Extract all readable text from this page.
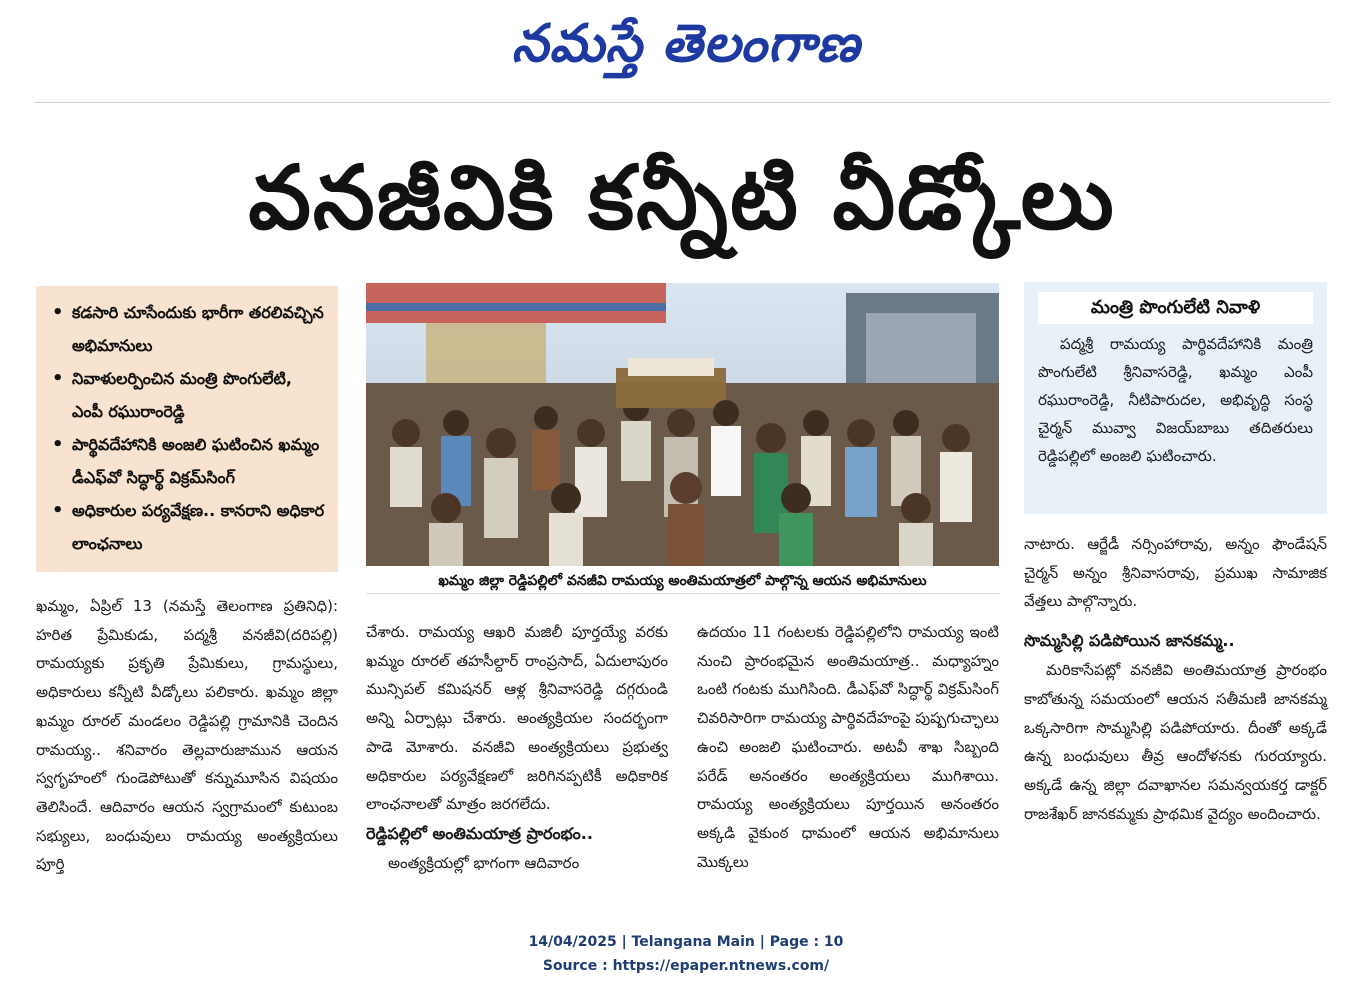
నమస్తే తెలంగాణ
వనజీవికి కన్నీటి వీడ్కోలు
• కడసారి చూసేందుకు భారీగా తరలివచ్చిన అభిమానులు
• నివాళులర్పించిన మంత్రి పొంగులేటి, ఎంపీ రఘురాంరెడ్డి
• పార్థివదేహానికి అంజలి ఘటించిన ఖమ్మం డీఎఫ్‌వో సిద్ధార్థ్ విక్రమ్‌సింగ్
• అధికారుల పర్యవేక్షణ.. కానరాని అధికార లాంఛనాలు
ఖమ్మం జిల్లా రెడ్డిపల్లిలో వనజీవి రామయ్య అంతిమయాత్రలో పాల్గొన్న ఆయన అభిమానులు
మంత్రి పొంగులేటి నివాళి
పద్మశ్రీ రామయ్య పార్థివదేహానికి మంత్రి పొంగులేటి శ్రీనివాసరెడ్డి, ఖమ్మం ఎంపీ రఘురాంరెడ్డి, నీటిపారుదల, అభివృద్ధి సంస్థ చైర్మన్ మువ్వా విజయ్‌బాబు తదితరులు రెడ్డిపల్లిలో అంజలి ఘటించారు.

ఖమ్మం, ఏప్రిల్ 13 (నమస్తే తెలంగాణ ప్రతినిధి): హరిత ప్రేమికుడు, పద్మశ్రీ వనజీవి(దరిపల్లి) రామయ్యకు ప్రకృతి ప్రేమికులు, గ్రామస్థులు, అధికారులు కన్నీటి వీడ్కోలు పలికారు. ఖమ్మం జిల్లా ఖమ్మం రూరల్ మండలం రెడ్డిపల్లి గ్రామానికి చెందిన రామయ్య.. శనివారం తెల్లవారుజామున ఆయన స్వగృహంలో గుండెపోటుతో కన్నుమూసిన విషయం తెలిసిందే. ఆదివారం ఆయన స్వగ్రామంలో కుటుంబ సభ్యులు, బంధువులు రామయ్య అంత్యక్రియలు పూర్తి

చేశారు. రామయ్య ఆఖరి మజిలీ పూర్తయ్యే వరకు ఖమ్మం రూరల్ తహసీల్దార్ రాంప్రసాద్, ఏదులాపురం మున్సిపల్ కమిషనర్ ఆళ్ల శ్రీనివాసరెడ్డి దగ్గరుండి అన్ని ఏర్పాట్లు చేశారు. అంత్యక్రియల సందర్భంగా పాడె మోశారు. వనజీవి అంత్యక్రియలు ప్రభుత్వ అధికారుల పర్యవేక్షణలో జరిగినప్పటికీ అధికారిక లాంఛనాలతో మాత్రం జరగలేదు.

రెడ్డిపల్లిలో అంతిమయాత్ర ప్రారంభం..

అంత్యక్రియల్లో భాగంగా ఆదివారం

ఉదయం 11 గంటలకు రెడ్డిపల్లిలోని రామయ్య ఇంటి నుంచి ప్రారంభమైన అంతిమయాత్ర.. మధ్యాహ్నం ఒంటి గంటకు ముగిసింది. డీఎఫ్‌వో సిద్ధార్థ్ విక్రమ్‌సింగ్ చివరిసారిగా రామయ్య పార్థివదేహంపై పుష్పగుచ్ఛాలు ఉంచి అంజలి ఘటించారు. అటవీ శాఖ సిబ్బంది పరేడ్ అనంతరం అంత్యక్రియలు ముగిశాయి. రామయ్య అంత్యక్రియలు పూర్తయిన అనంతరం అక్కడి వైకుంఠ ధామంలో ఆయన అభిమానులు మొక్కలు

నాటారు. ఆర్జేడీ నర్సింహారావు, అన్నం ఫౌండేషన్ చైర్మన్ అన్నం శ్రీనివాసరావు, ప్రముఖ సామాజిక వేత్తలు పాల్గొన్నారు.

సొమ్మసిల్లి పడిపోయిన జానకమ్మ..

మరికాసేపట్లో వనజీవి అంతిమయాత్ర ప్రారంభం కాబోతున్న సమయంలో ఆయన సతీమణి జానకమ్మ ఒక్కసారిగా సొమ్మసిల్లి పడిపోయారు. దీంతో అక్కడే ఉన్న బంధువులు తీవ్ర ఆందోళనకు గురయ్యారు. అక్కడే ఉన్న జిల్లా దవాఖానల సమన్వయకర్త డాక్టర్ రాజశేఖర్ జానకమ్మకు ప్రాథమిక వైద్యం అందించారు.

14/04/2025 | Telangana Main | Page : 10
Source : https://epaper.ntnews.com/
